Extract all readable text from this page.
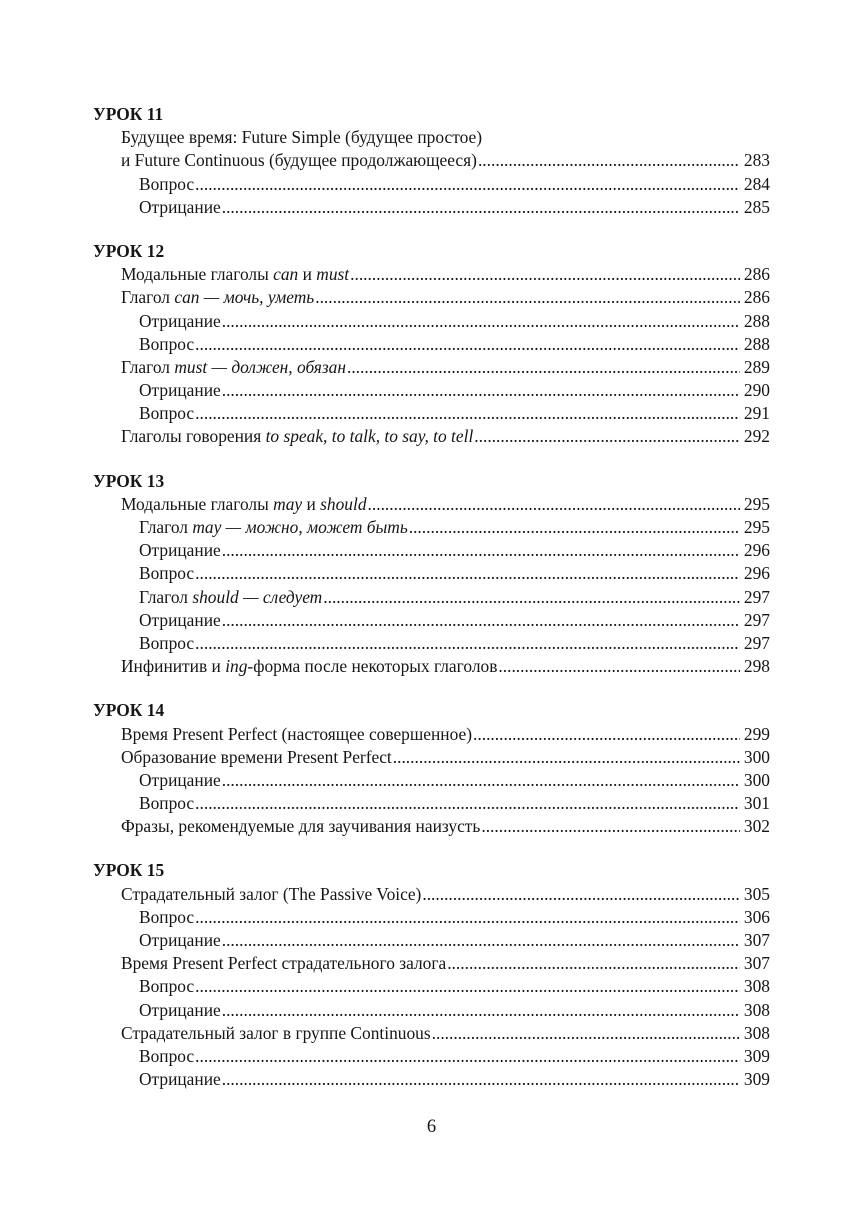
УРОК 11
Будущее время: Future Simple (будущее простое)
и Future Continuous (будущее продолжающееся) .....	283
Вопрос .....	284
Отрицание .....	285
УРОК 12
Модальные глаголы can и must .....	286
Глагол can — мочь, уметь .....	286
Отрицание .....	288
Вопрос .....	288
Глагол must — должен, обязан .....	289
Отрицание .....	290
Вопрос .....	291
Глаголы говорения to speak, to talk, to say, to tell .....	292
УРОК 13
Модальные глаголы may и should .....	295
Глагол may — можно, может быть .....	295
Отрицание .....	296
Вопрос .....	296
Глагол should — следует .....	297
Отрицание .....	297
Вопрос .....	297
Инфинитив и ing-форма после некоторых глаголов .....	298
УРОК 14
Время Present Perfect (настоящее совершенное) .....	299
Образование времени Present Perfect .....	300
Отрицание .....	300
Вопрос .....	301
Фразы, рекомендуемые для заучивания наизусть .....	302
УРОК 15
Страдательный залог (The Passive Voice) .....	305
Вопрос .....	306
Отрицание .....	307
Время Present Perfect страдательного залога .....	307
Вопрос .....	308
Отрицание .....	308
Страдательный залог в группе Continuous .....	308
Вопрос .....	309
Отрицание .....	309
6
